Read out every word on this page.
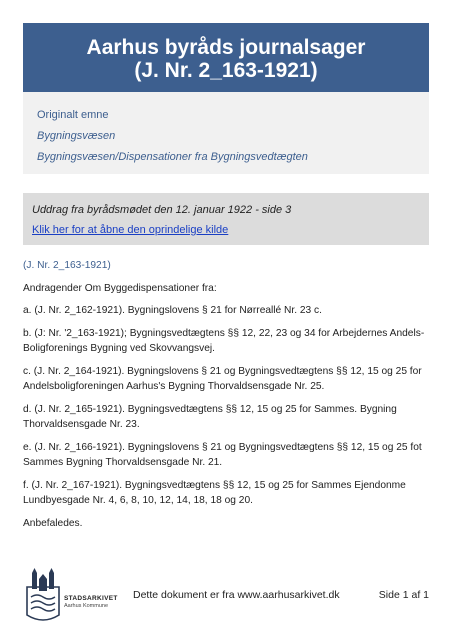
Aarhus byråds journalsager
(J. Nr. 2_163-1921)
Originalt emne
Bygningsvæsen
Bygningsvæsen/Dispensationer fra Bygningsvedtægten
Uddrag fra byrådsmødet den 12. januar 1922 - side 3
Klik her for at åbne den oprindelige kilde

(J. Nr. 2_163-1921)

Andragender Om Byggedispensationer fra:

a. (J. Nr. 2_162-1921). Bygningslovens § 21 for Nørreallé Nr. 23 c.

b. (J: Nr. '2_163-1921); Bygningsvedtægtens §§ 12, 22, 23 og 34 for Arbejdernes Andels-Boligforenings Bygning ved Skovvangsvej.

c. (J. Nr. 2_164-1921). Bygningslovens § 21 og Bygningsvedtægtens §§ 12, 15 og 25 for Andelsboligforeningen Aarhus's Bygning Thorvaldsensgade Nr. 25.

d. (J. Nr. 2_165-1921). Bygningsvedtægtens §§ 12, 15 og 25 for Sammes. Bygning Thorvaldsensgade Nr. 23.

e. (J. Nr. 2_166-1921). Bygningslovens § 21 og Bygningsvedtægtens §§ 12, 15 og 25 fot Sammes Bygning Thorvaldsensgade Nr. 21.

f. (J. Nr. 2_167-1921). Bygningsvedtægtens §§ 12, 15 og 25 for Sammes Ejendonme Lundbyesgade Nr. 4, 6, 8, 10, 12, 14, 18, 18 og 20.

Anbefaledes.

STADSARKIVET
Aarhus Kommune
Dette dokument er fra www.aarhusarkivet.dk	Side 1 af 1
